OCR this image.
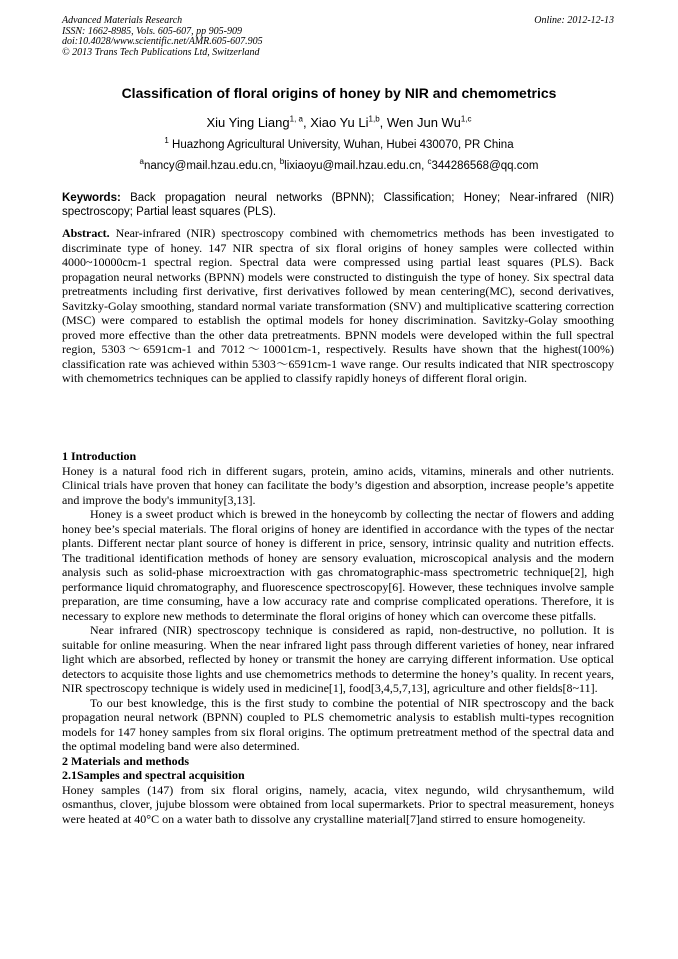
Advanced Materials Research
ISSN: 1662-8985, Vols. 605-607, pp 905-909
doi:10.4028/www.scientific.net/AMR.605-607.905
© 2013 Trans Tech Publications Ltd, Switzerland
Online: 2012-12-13
Classification of floral origins of honey by NIR and chemometrics
Xiu Ying Liang$^{1, a}$, Xiao Yu Li$^{1,b}$, Wen Jun Wu$^{1,c}$
$^1$ Huazhong Agricultural University, Wuhan, Hubei 430070, PR China
$^a$nancy@mail.hzau.edu.cn, $^b$lixiaoyu@mail.hzau.edu.cn, $^c$344286568@qq.com
Keywords: Back propagation neural networks (BPNN); Classification; Honey; Near-infrared (NIR) spectroscopy; Partial least squares (PLS).
Abstract. Near-infrared (NIR) spectroscopy combined with chemometrics methods has been investigated to discriminate type of honey. 147 NIR spectra of six floral origins of honey samples were collected within 4000~10000cm-1 spectral region. Spectral data were compressed using partial least squares (PLS). Back propagation neural networks (BPNN) models were constructed to distinguish the type of honey. Six spectral data pretreatments including first derivative, first derivatives followed by mean centering(MC), second derivatives, Savitzky-Golay smoothing, standard normal variate transformation (SNV) and multiplicative scattering correction (MSC) were compared to establish the optimal models for honey discrimination. Savitzky-Golay smoothing proved more effective than the other data pretreatments. BPNN models were developed within the full spectral region, 5303～6591cm-1 and 7012～10001cm-1, respectively. Results have shown that the highest(100%) classification rate was achieved within 5303～6591cm-1 wave range. Our results indicated that NIR spectroscopy with chemometrics techniques can be applied to classify rapidly honeys of different floral origin.
1 Introduction

Honey is a natural food rich in different sugars, protein, amino acids, vitamins, minerals and other nutrients. Clinical trials have proven that honey can facilitate the body’s digestion and absorption, increase people’s appetite and improve the body's immunity[3,13].

Honey is a sweet product which is brewed in the honeycomb by collecting the nectar of flowers and adding honey bee’s special materials. The floral origins of honey are identified in accordance with the types of the nectar plants. Different nectar plant source of honey is different in price, sensory, intrinsic quality and nutrition effects. The traditional identification methods of honey are sensory evaluation, microscopical analysis and the modern analysis such as solid-phase microextraction with gas chromatographic-mass spectrometric technique[2], high performance liquid chromatography, and fluorescence spectroscopy[6]. However, these techniques involve sample preparation, are time consuming, have a low accuracy rate and comprise complicated operations. Therefore, it is necessary to explore new methods to determinate the floral origins of honey which can overcome these pitfalls.

Near infrared (NIR) spectroscopy technique is considered as rapid, non-destructive, no pollution. It is suitable for online measuring. When the near infrared light pass through different varieties of honey, near infrared light which are absorbed, reflected by honey or transmit the honey are carrying different information. Use optical detectors to acquisite those lights and use chemometrics methods to determine the honey’s quality. In recent years, NIR spectroscopy technique is widely used in medicine[1], food[3,4,5,7,13], agriculture and other fields[8~11].

To our best knowledge, this is the first study to combine the potential of NIR spectroscopy and the back propagation neural network (BPNN) coupled to PLS chemometric analysis to establish multi-types recognition models for 147 honey samples from six floral origins. The optimum pretreatment method of the spectral data and the optimal modeling band were also determined.

2 Materials and methods
2.1Samples and spectral acquisition

Honey samples (147) from six floral origins, namely, acacia, vitex negundo, wild chrysanthemum, wild osmanthus, clover, jujube blossom were obtained from local supermarkets. Prior to spectral measurement, honeys were heated at 40°C on a water bath to dissolve any crystalline material[7]and stirred to ensure homogeneity.
